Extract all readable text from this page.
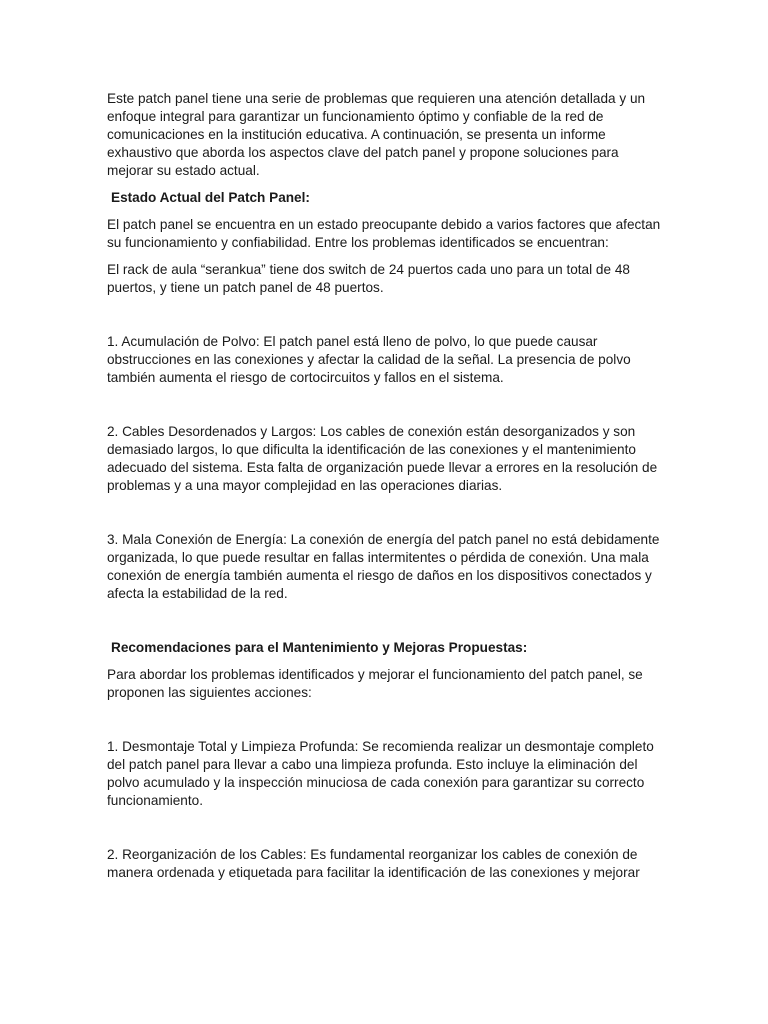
Este patch panel tiene una serie de problemas que requieren una atención detallada y un enfoque integral para garantizar un funcionamiento óptimo y confiable de la red de comunicaciones en la institución educativa. A continuación, se presenta un informe exhaustivo que aborda los aspectos clave del patch panel y propone soluciones para mejorar su estado actual.

Estado Actual del Patch Panel:

El patch panel se encuentra en un estado preocupante debido a varios factores que afectan su funcionamiento y confiabilidad. Entre los problemas identificados se encuentran:

El rack de aula “serankua” tiene dos switch de 24 puertos cada uno para un total de 48 puertos, y tiene un patch panel de 48 puertos.

1. Acumulación de Polvo: El patch panel está lleno de polvo, lo que puede causar obstrucciones en las conexiones y afectar la calidad de la señal. La presencia de polvo también aumenta el riesgo de cortocircuitos y fallos en el sistema.

2. Cables Desordenados y Largos: Los cables de conexión están desorganizados y son demasiado largos, lo que dificulta la identificación de las conexiones y el mantenimiento adecuado del sistema. Esta falta de organización puede llevar a errores en la resolución de problemas y a una mayor complejidad en las operaciones diarias.

3. Mala Conexión de Energía: La conexión de energía del patch panel no está debidamente organizada, lo que puede resultar en fallas intermitentes o pérdida de conexión. Una mala conexión de energía también aumenta el riesgo de daños en los dispositivos conectados y afecta la estabilidad de la red.

Recomendaciones para el Mantenimiento y Mejoras Propuestas:

Para abordar los problemas identificados y mejorar el funcionamiento del patch panel, se proponen las siguientes acciones:

1. Desmontaje Total y Limpieza Profunda: Se recomienda realizar un desmontaje completo del patch panel para llevar a cabo una limpieza profunda. Esto incluye la eliminación del polvo acumulado y la inspección minuciosa de cada conexión para garantizar su correcto funcionamiento.

2. Reorganización de los Cables: Es fundamental reorganizar los cables de conexión de manera ordenada y etiquetada para facilitar la identificación de las conexiones y mejorar
